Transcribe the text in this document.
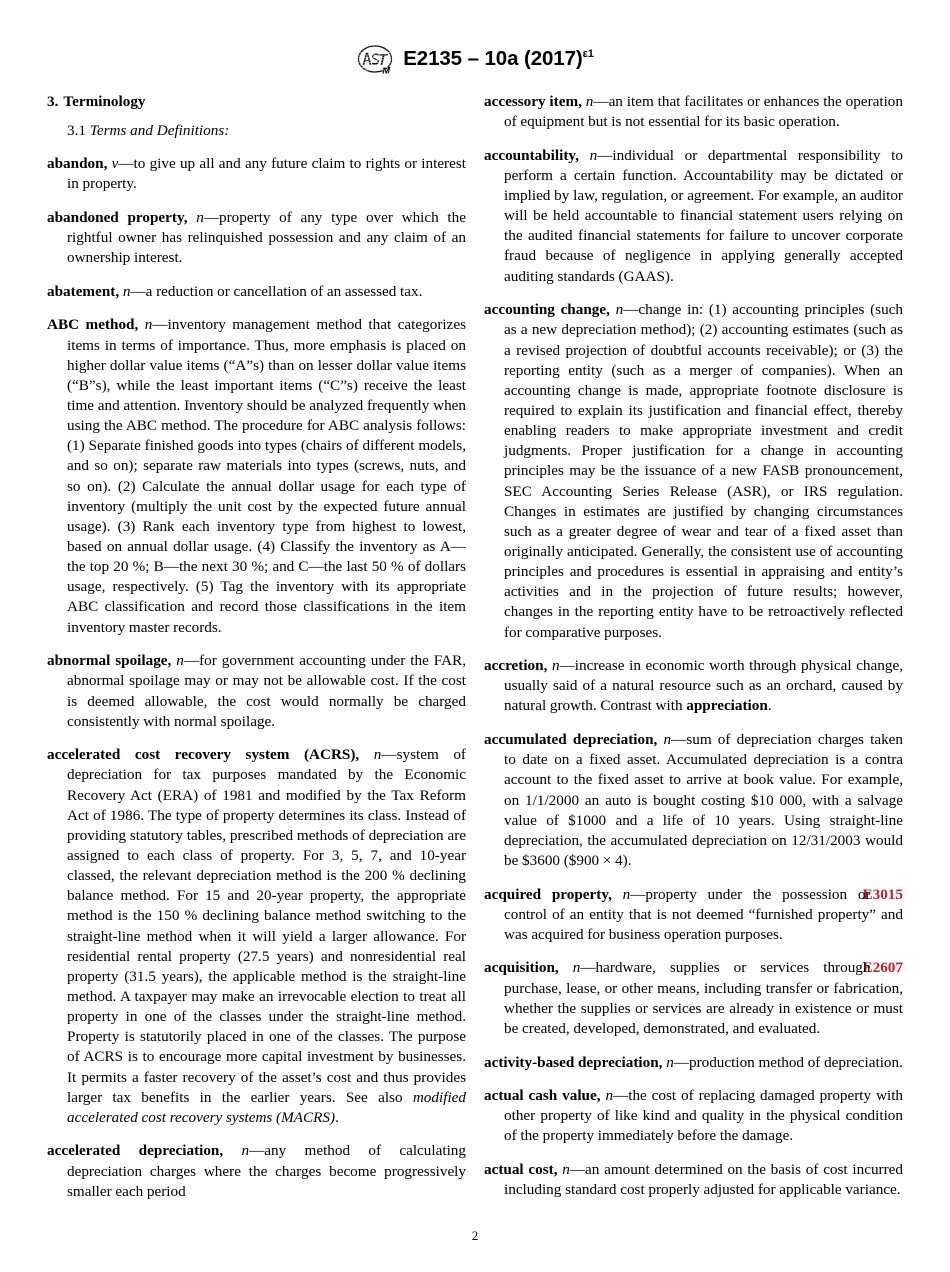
E2135 – 10a $(2017)^{\varepsilon 1}$
3. Terminology
3.1 Terms and Definitions:
abandon, v—to give up all and any future claim to rights or interest in property.
abandoned property, n—property of any type over which the rightful owner has relinquished possession and any claim of an ownership interest.
abatement, n—a reduction or cancellation of an assessed tax.
ABC method, n—inventory management method that categorizes items in terms of importance. Thus, more emphasis is placed on higher dollar value items (“A”s) than on lesser dollar value items (“B”s), while the least important items (“C”s) receive the least time and attention. Inventory should be analyzed frequently when using the ABC method. The procedure for ABC analysis follows: (1) Separate finished goods into types (chairs of different models, and so on); separate raw materials into types (screws, nuts, and so on). (2) Calculate the annual dollar usage for each type of inventory (multiply the unit cost by the expected future annual usage). (3) Rank each inventory type from highest to lowest, based on annual dollar usage. (4) Classify the inventory as A—the top 20 %; B—the next 30 %; and C—the last 50 % of dollars usage, respectively. (5) Tag the inventory with its appropriate ABC classification and record those classifications in the item inventory master records.
abnormal spoilage, n—for government accounting under the FAR, abnormal spoilage may or may not be allowable cost. If the cost is deemed allowable, the cost would normally be charged consistently with normal spoilage.
accelerated cost recovery system (ACRS), n—system of depreciation for tax purposes mandated by the Economic Recovery Act (ERA) of 1981 and modified by the Tax Reform Act of 1986. The type of property determines its class. Instead of providing statutory tables, prescribed methods of depreciation are assigned to each class of property. For 3, 5, 7, and 10-year classed, the relevant depreciation method is the 200 % declining balance method. For 15 and 20-year property, the appropriate method is the 150 % declining balance method switching to the straight-line method when it will yield a larger allowance. For residential rental property (27.5 years) and nonresidential real property (31.5 years), the applicable method is the straight-line method. A taxpayer may make an irrevocable election to treat all property in one of the classes under the straight-line method. Property is statutorily placed in one of the classes. The purpose of ACRS is to encourage more capital investment by businesses. It permits a faster recovery of the asset’s cost and thus provides larger tax benefits in the earlier years. See also modified accelerated cost recovery systems (MACRS).
accelerated depreciation, n—any method of calculating depreciation charges where the charges become progressively smaller each period
accessory item, n—an item that facilitates or enhances the operation of equipment but is not essential for its basic operation.
accountability, n—individual or departmental responsibility to perform a certain function. Accountability may be dictated or implied by law, regulation, or agreement. For example, an auditor will be held accountable to financial statement users relying on the audited financial statements for failure to uncover corporate fraud because of negligence in applying generally accepted auditing standards (GAAS).
accounting change, n—change in: (1) accounting principles (such as a new depreciation method); (2) accounting estimates (such as a revised projection of doubtful accounts receivable); or (3) the reporting entity (such as a merger of companies). When an accounting change is made, appropriate footnote disclosure is required to explain its justification and financial effect, thereby enabling readers to make appropriate investment and credit judgments. Proper justification for a change in accounting principles may be the issuance of a new FASB pronouncement, SEC Accounting Series Release (ASR), or IRS regulation. Changes in estimates are justified by changing circumstances such as a greater degree of wear and tear of a fixed asset than originally anticipated. Generally, the consistent use of accounting principles and procedures is essential in appraising and entity’s activities and in the projection of future results; however, changes in the reporting entity have to be retroactively reflected for comparative purposes.
accretion, n—increase in economic worth through physical change, usually said of a natural resource such as an orchard, caused by natural growth. Contrast with appreciation.
accumulated depreciation, n—sum of depreciation charges taken to date on a fixed asset. Accumulated depreciation is a contra account to the fixed asset to arrive at book value. For example, on 1/1/2000 an auto is bought costing $10 000, with a salvage value of $1000 and a life of 10 years. Using straight-line depreciation, the accumulated depreciation on 12/31/2003 would be $3600 ($900 × 4).
E3015
acquired property, n—property under the possession or control of an entity that is not deemed “furnished property” and was acquired for business operation purposes.
E2607
acquisition, n—hardware, supplies or services through purchase, lease, or other means, including transfer or fabrication, whether the supplies or services are already in existence or must be created, developed, demonstrated, and evaluated.
activity-based depreciation, n—production method of depreciation.
actual cash value, n—the cost of replacing damaged property with other property of like kind and quality in the physical condition of the property immediately before the damage.
actual cost, n—an amount determined on the basis of cost incurred including standard cost properly adjusted for applicable variance.
2
